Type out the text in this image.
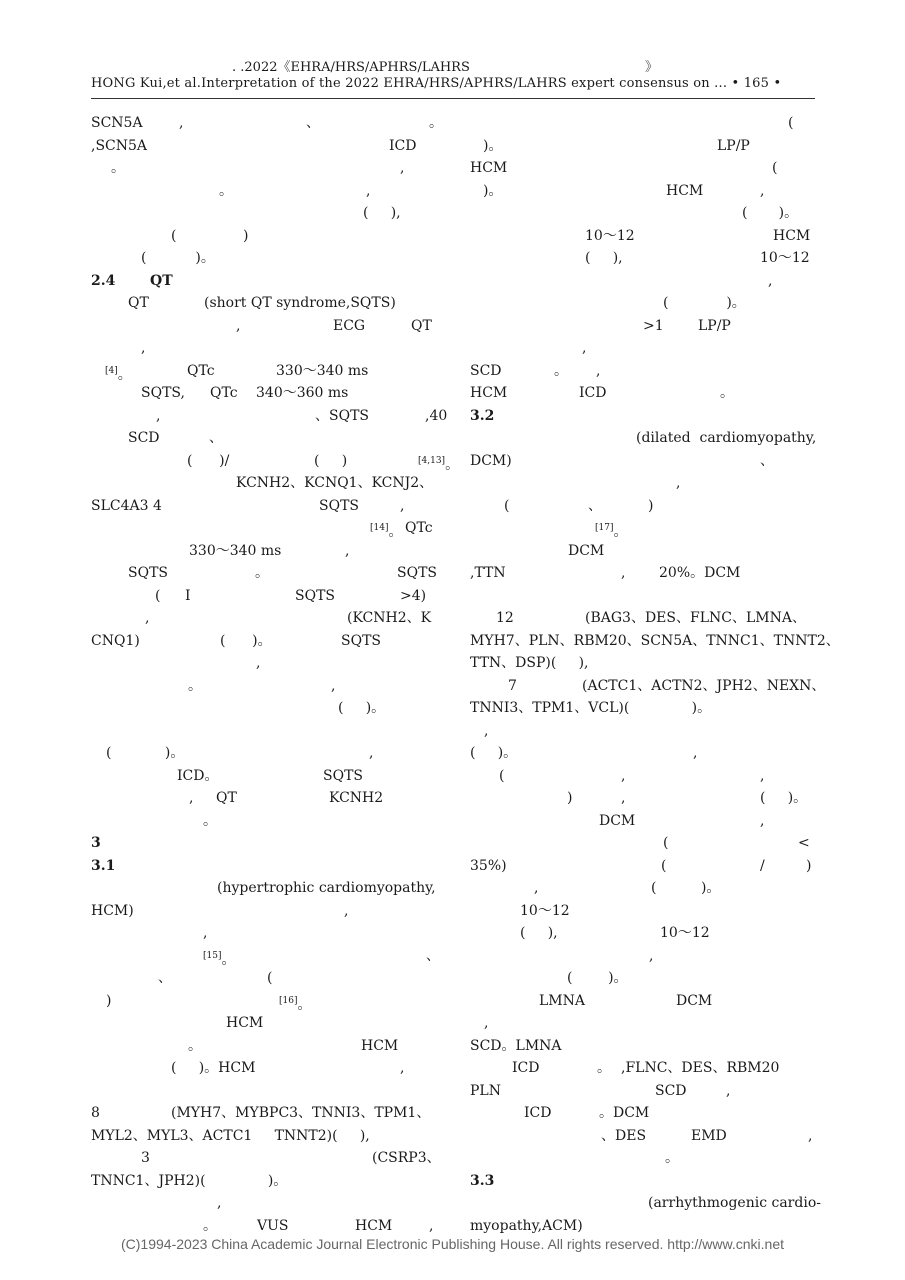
. .2022《EHRA/HRS/APHRS/LAHRS	》
HONG Kui,et al.Interpretation of the 2022 EHRA/HRS/APHRS/LAHRS expert consensus on ... • 165 •
SCN5A	,	、	。
,SCN5A	ICD
。	,
。	,
(     ),
(	)
(           )。
2.4 QT
QT	(short QT syndrome,SQTS)
,	ECG	QT
,
[4]。	QTc	330～340 ms
SQTS, QTc 340～360 ms
,	、SQTS	,40
SCD	、
(      )/	(     )	[4,13]。
KCNH2、KCNQ1、KCNJ2、
SLC4A3 4	SQTS	,
[14]。 QTc
330～340 ms	,
SQTS	。	SQTS
( Ⅰ	SQTS	>4)
,	(KCNH2、K
CNQ1)	(      )。	SQTS
,
。	,
(     )。
(            )。	,
ICD。	SQTS
, QT	KCNH2
。
3
3.1
(hypertrophic cardiomyopathy,
HCM)	,
,
[15]。	、
、	(
)	[16]。
HCM
。	HCM
(     )。HCM	,
8	(MYH7、MYBPC3、TNNI3、TPM1、
MYL2、MYL3、ACTC1     TNNT2)(     ),
3	(CSRP3、
TNNC1、JPH2)(              )。
,
。	VUS	HCM	,
(
)。	LP/P
HCM	(
)。	HCM	,
(       )。
10～12	HCM
(     ),	10～12
,
(             )。
>1 LP/P
,
SCD	。 ,
HCM	ICD	。
3.2
(dilated  cardiomyopathy,
DCM)	、
,
(	、	)
[17]。
DCM
,TTN	, 20%。DCM
12	(BAG3、DES、FLNC、LMNA、
MYH7、PLN、RBM20、SCN5A、TNNC1、TNNT2、
TTN、DSP)(     ),
7	(ACTC1、ACTN2、JPH2、NEXN、
TNNI3、TPM1、VCL)(              )。
,
(     )。	,
(	,	,
)	,	(     )。
DCM	,
(	<
35%)	(	/	)
,	(          )。
10～12
(     ),	10～12
,
(        )。
LMNA	DCM
,
SCD。LMNA
ICD	。 ,FLNC、DES、RBM20
PLN	SCD	,
ICD	。DCM
、DES	EMD	,
。
3.3
(arrhythmogenic cardio-
myopathy,ACM)
(C)1994-2023 China Academic Journal Electronic Publishing House. All rights reserved. http://www.cnki.net
